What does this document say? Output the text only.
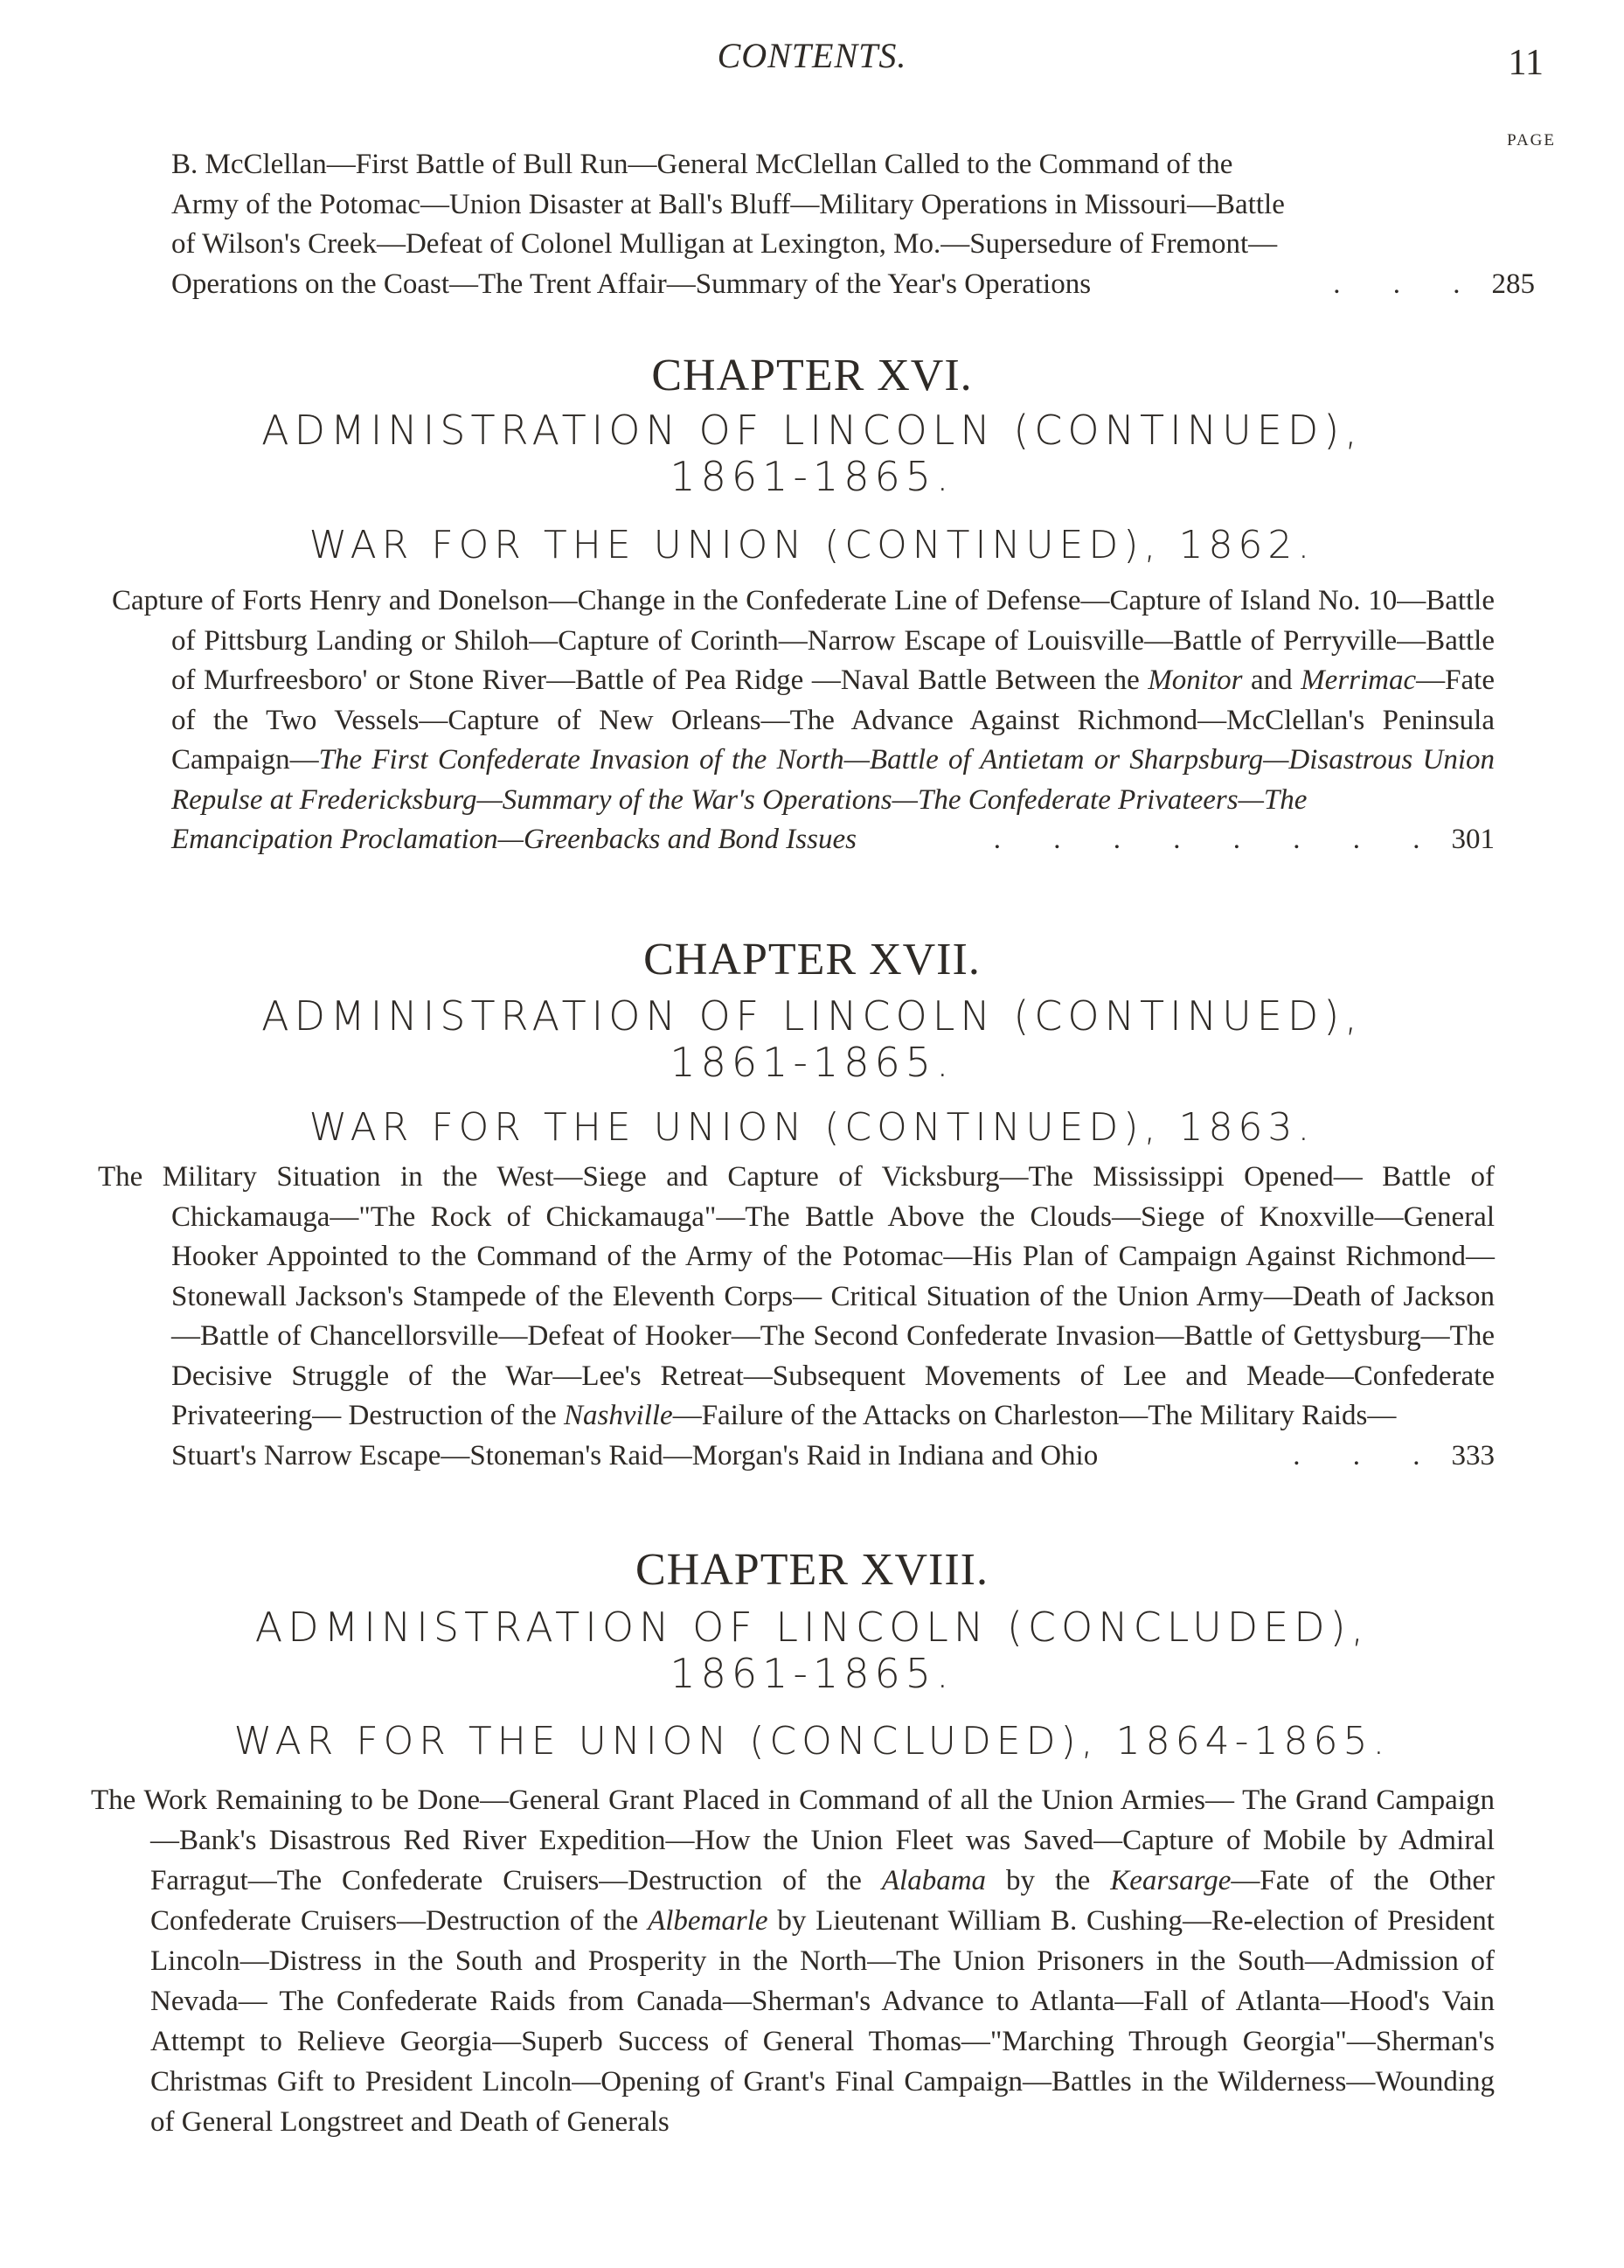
CONTENTS.	11
PAGE
B. McClellan—First Battle of Bull Run—General McClellan Called to the Command of the
Army of the Potomac—Union Disaster at Ball's Bluff—Military Operations in Missouri—Battle
of Wilson's Creek—Defeat of Colonel Mulligan at Lexington, Mo.—Supersedure of Fremont—
Operations on the Coast—The Trent Affair—Summary of the Year's Operations	. . . 285
CHAPTER XVI.
ADMINISTRATION OF LINCOLN (CONTINUED),
1861-1865.
WAR FOR THE UNION (CONTINUED), 1862.
Capture of Forts Henry and Donelson—Change in the Confederate Line of Defense—Capture of Island No. 10—Battle of Pittsburg Landing or Shiloh—Capture of Corinth—Narrow Escape of Louisville—Battle of Perryville—Battle of Murfreesboro' or Stone River—Battle of Pea Ridge —Naval Battle Between the Monitor and Merrimac—Fate of the Two Vessels—Capture of New Orleans—The Advance Against Richmond—McClellan's Peninsula Campaign—The First Confederate Invasion of the North—Battle of Antietam or Sharpsburg—Disastrous Union Repulse at Fredericksburg—Summary of the War's Operations—The Confederate Privateers—The
Emancipation Proclamation—Greenbacks and Bond Issues	. . . . . . . . 301
CHAPTER XVII.
ADMINISTRATION OF LINCOLN (CONTINUED),
1861-1865.
WAR FOR THE UNION (CONTINUED), 1863.
The Military Situation in the West—Siege and Capture of Vicksburg—The Mississippi Opened— Battle of Chickamauga—"The Rock of Chickamauga"—The Battle Above the Clouds—Siege of Knoxville—General Hooker Appointed to the Command of the Army of the Potomac—His Plan of Campaign Against Richmond—Stonewall Jackson's Stampede of the Eleventh Corps— Critical Situation of the Union Army—Death of Jackson—Battle of Chancellorsville—Defeat of Hooker—The Second Confederate Invasion—Battle of Gettysburg—The Decisive Struggle of the War—Lee's Retreat—Subsequent Movements of Lee and Meade—Confederate Privateering— Destruction of the Nashville—Failure of the Attacks on Charleston—The Military Raids—
Stuart's Narrow Escape—Stoneman's Raid—Morgan's Raid in Indiana and Ohio	. . . 333
CHAPTER XVIII.
ADMINISTRATION OF LINCOLN (CONCLUDED),
1861-1865.
WAR FOR THE UNION (CONCLUDED), 1864-1865.
The Work Remaining to be Done—General Grant Placed in Command of all the Union Armies— The Grand Campaign—Bank's Disastrous Red River Expedition—How the Union Fleet was Saved—Capture of Mobile by Admiral Farragut—The Confederate Cruisers—Destruction of the Alabama by the Kearsarge—Fate of the Other Confederate Cruisers—Destruction of the Albemarle by Lieutenant William B. Cushing—Re-election of President Lincoln—Distress in the South and Prosperity in the North—The Union Prisoners in the South—Admission of Nevada— The Confederate Raids from Canada—Sherman's Advance to Atlanta—Fall of Atlanta—Hood's Vain Attempt to Relieve Georgia—Superb Success of General Thomas—"Marching Through Georgia"—Sherman's Christmas Gift to President Lincoln—Opening of Grant's Final Campaign—Battles in the Wilderness—Wounding of General Longstreet and Death of Generals
